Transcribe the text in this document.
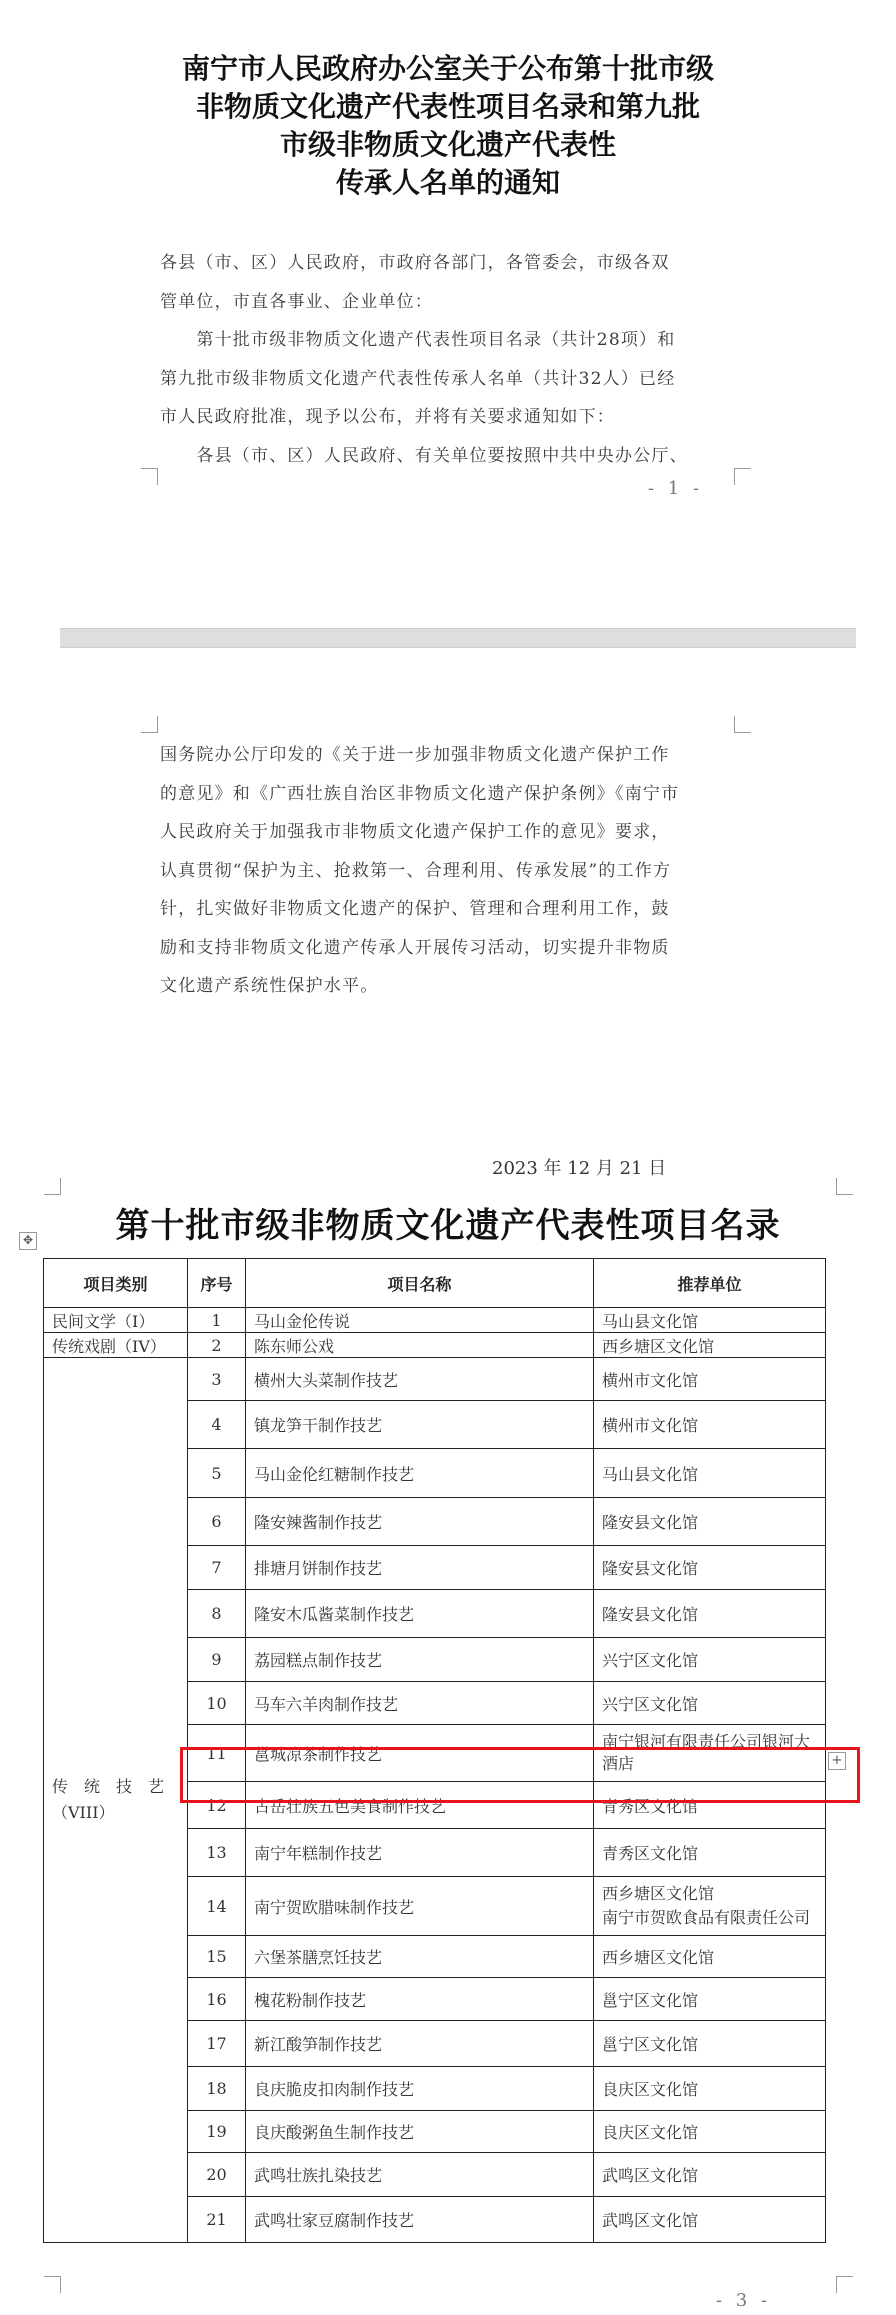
南宁市人民政府办公室关于公布第十批市级
非物质文化遗产代表性项目名录和第九批
市级非物质文化遗产代表性
传承人名单的通知
各县（市、区）人民政府，市政府各部门，各管委会，市级各双
管单位，市直各事业、企业单位：
　　第十批市级非物质文化遗产代表性项目名录（共计28项）和
第九批市级非物质文化遗产代表性传承人名单（共计32人）已经
市人民政府批准，现予以公布，并将有关要求通知如下：
　　各县（市、区）人民政府、有关单位要按照中共中央办公厅、
- 1 -
国务院办公厅印发的《关于进一步加强非物质文化遗产保护工作
的意见》和《广西壮族自治区非物质文化遗产保护条例》《南宁市
人民政府关于加强我市非物质文化遗产保护工作的意见》要求，
认真贯彻“保护为主、抢救第一、合理利用、传承发展”的工作方
针，扎实做好非物质文化遗产的保护、管理和合理利用工作，鼓
励和支持非物质文化遗产传承人开展传习活动，切实提升非物质
文化遗产系统性保护水平。
2023 年 12 月 21 日
第十批市级非物质文化遗产代表性项目名录
✥
项目类别	序号	项目名称	推荐单位
民间文学（I）	1	马山金伦传说	马山县文化馆
传统戏剧（IV）	2	陈东师公戏	西乡塘区文化馆

传　统　技　艺
（VIII）	3	横州大头菜制作技艺	横州市文化馆
	4	镇龙笋干制作技艺	横州市文化馆
	5	马山金伦红糖制作技艺	马山县文化馆
	6	隆安辣酱制作技艺	隆安县文化馆
	7	排塘月饼制作技艺	隆安县文化馆
	8	隆安木瓜酱菜制作技艺	隆安县文化馆
	9	荔园糕点制作技艺	兴宁区文化馆
	10	马车六羊肉制作技艺	兴宁区文化馆
	11	邕城凉茶制作技艺	南宁银河有限责任公司银河大
酒店

	12	古岳壮族五色美食制作技艺	青秀区文化馆
	13	南宁年糕制作技艺	青秀区文化馆
	14	南宁贺欧腊味制作技艺	西乡塘区文化馆
南宁市贺欧食品有限责任公司

	15	六堡茶膳烹饪技艺	西乡塘区文化馆
	16	槐花粉制作技艺	邕宁区文化馆
	17	新江酸笋制作技艺	邕宁区文化馆
	18	良庆脆皮扣肉制作技艺	良庆区文化馆
	19	良庆酸粥鱼生制作技艺	良庆区文化馆
	20	武鸣壮族扎染技艺	武鸣区文化馆
	21	武鸣壮家豆腐制作技艺	武鸣区文化馆
+
- 3 -
